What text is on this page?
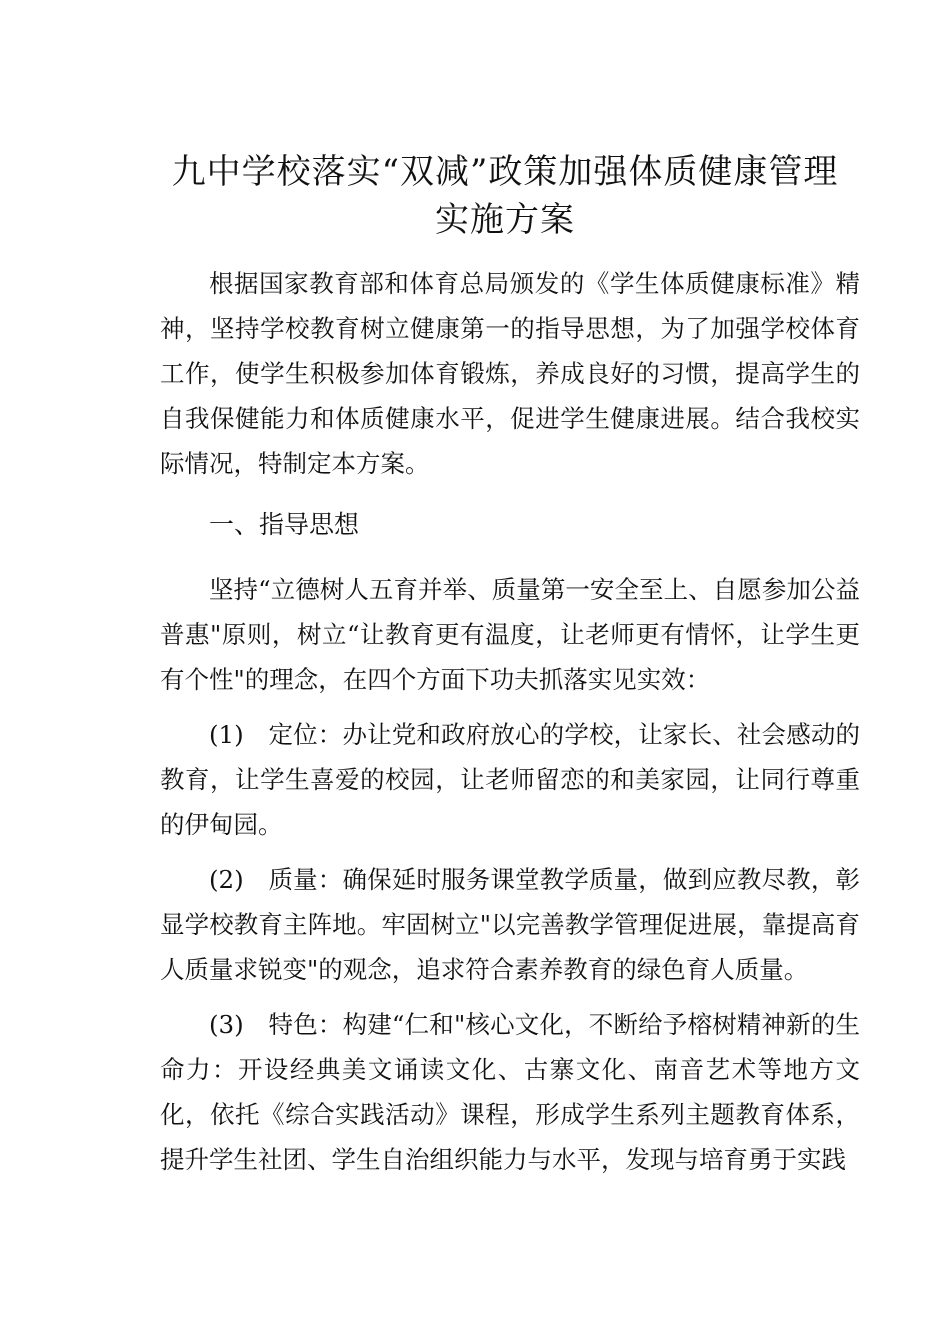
九中学校落实“双减”政策加强体质健康管理
实施方案
根据国家教育部和体育总局颁发的《学生体质健康标准》精神，坚持学校教育树立健康第一的指导思想，为了加强学校体育工作，使学生积极参加体育锻炼，养成良好的习惯，提高学生的自我保健能力和体质健康水平，促进学生健康进展。结合我校实际情况，特制定本方案。
一、指导思想
坚持“立德树人五育并举、质量第一安全至上、自愿参加公益普惠"原则，树立“让教育更有温度，让老师更有情怀，让学生更有个性"的理念，在四个方面下功夫抓落实见实效：
(1)　定位：办让党和政府放心的学校，让家长、社会感动的教育，让学生喜爱的校园，让老师留恋的和美家园，让同行尊重的伊甸园。
(2)　质量：确保延时服务课堂教学质量，做到应教尽教，彰显学校教育主阵地。牢固树立"以完善教学管理促进展，靠提高育人质量求锐变"的观念，追求符合素养教育的绿色育人质量。
(3)　特色：构建“仁和"核心文化，不断给予榕树精神新的生命力：开设经典美文诵读文化、古寨文化、南音艺术等地方文化，依托《综合实践活动》课程，形成学生系列主题教育体系，提升学生社团、学生自治组织能力与水平，发现与培育勇于实践
